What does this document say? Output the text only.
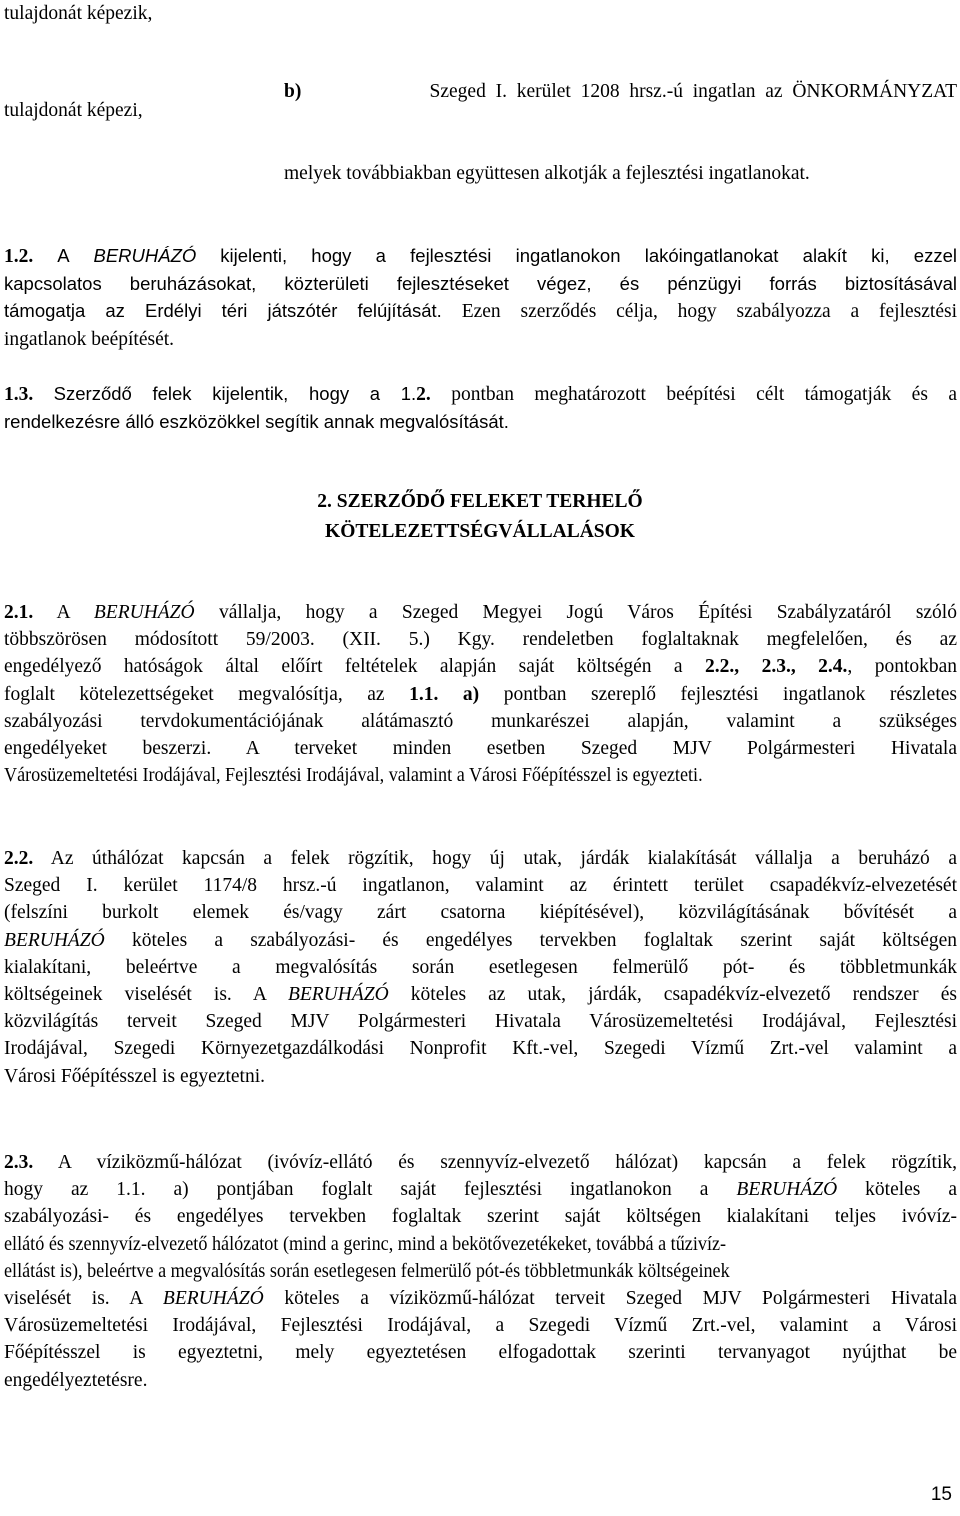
tulajdonát képezik,
tulajdonát képezi,
b)	Szeged  I.  kerület  1208  hrsz.-ú  ingatlan  az  ÖNKORMÁNYZAT
melyek továbbiakban együttesen alkotják a fejlesztési ingatlanokat.
1.2. A BERUHÁZÓ kijelenti, hogy a fejlesztési ingatlanokon lakóingatlanokat alakít ki, ezzel
kapcsolatos beruházásokat, közterületi fejlesztéseket végez, és pénzügyi forrás biztosításával
támogatja az Erdélyi téri játszótér felújítását. Ezen szerződés célja, hogy szabályozza a fejlesztési
ingatlanok beépítését.
1.3. Szerződő felek kijelentik, hogy a 1.2. pontban meghatározott beépítési célt támogatják és a
rendelkezésre álló eszközökkel segítik annak megvalósítását.
2. SZERZŐDŐ FELEKET TERHELŐ
KÖTELEZETTSÉGVÁLLALÁSOK
2.1. A BERUHÁZÓ vállalja, hogy a Szeged Megyei Jogú Város Építési Szabályzatáról szóló
többszörösen módosított 59/2003. (XII. 5.) Kgy. rendeletben foglaltaknak megfelelően, és az
engedélyező hatóságok által előírt feltételek alapján saját költségén a 2.2., 2.3., 2.4., pontokban
foglalt kötelezettségeket megvalósítja, az 1.1. a) pontban szereplő fejlesztési ingatlanok részletes
szabályozási tervdokumentációjának alátámasztó munkarészei alapján, valamint a szükséges
engedélyeket beszerzi. A terveket minden esetben Szeged MJV Polgármesteri Hivatala
Városüzemeltetési Irodájával, Fejlesztési Irodájával, valamint a Városi Főépítésszel is egyezteti.
2.2. Az úthálózat kapcsán a felek rögzítik, hogy új utak, járdák kialakítását vállalja a beruházó a
Szeged I. kerület 1174/8 hrsz.-ú ingatlanon, valamint az érintett terület csapadékvíz-elvezetését
(felszíni burkolt elemek és/vagy zárt csatorna kiépítésével), közvilágításának bővítését a
BERUHÁZÓ köteles a szabályozási- és engedélyes tervekben foglaltak szerint saját költségen
kialakítani, beleértve a megvalósítás során esetlegesen felmerülő pót- és többletmunkák
költségeinek viselését is. A BERUHÁZÓ köteles az utak, járdák, csapadékvíz-elvezető rendszer és
közvilágítás terveit Szeged MJV Polgármesteri Hivatala Városüzemeltetési Irodájával, Fejlesztési
Irodájával, Szegedi Környezetgazdálkodási Nonprofit Kft.-vel, Szegedi Vízmű Zrt.-vel valamint a
Városi Főépítésszel is egyeztetni.
2.3. A víziközmű-hálózat (ivóvíz-ellátó és szennyvíz-elvezető hálózat) kapcsán a felek rögzítik,
hogy az 1.1. a) pontjában foglalt saját fejlesztési ingatlanokon a BERUHÁZÓ köteles a
szabályozási- és engedélyes tervekben foglaltak szerint saját költségen kialakítani teljes ivóvíz-
ellátó és szennyvíz-elvezető hálózatot (mind a gerinc, mind a bekötővezetékeket, továbbá a tűzivíz-
ellátást is), beleértve a megvalósítás során esetlegesen felmerülő pót-és többletmunkák költségeinek
viselését is. A BERUHÁZÓ köteles a víziközmű-hálózat terveit Szeged MJV Polgármesteri Hivatala
Városüzemeltetési Irodájával, Fejlesztési Irodájával, a Szegedi Vízmű Zrt.-vel, valamint a Városi
Főépítésszel is egyeztetni, mely egyeztetésen elfogadottak szerinti tervanyagot nyújthat be
engedélyeztetésre.
15
